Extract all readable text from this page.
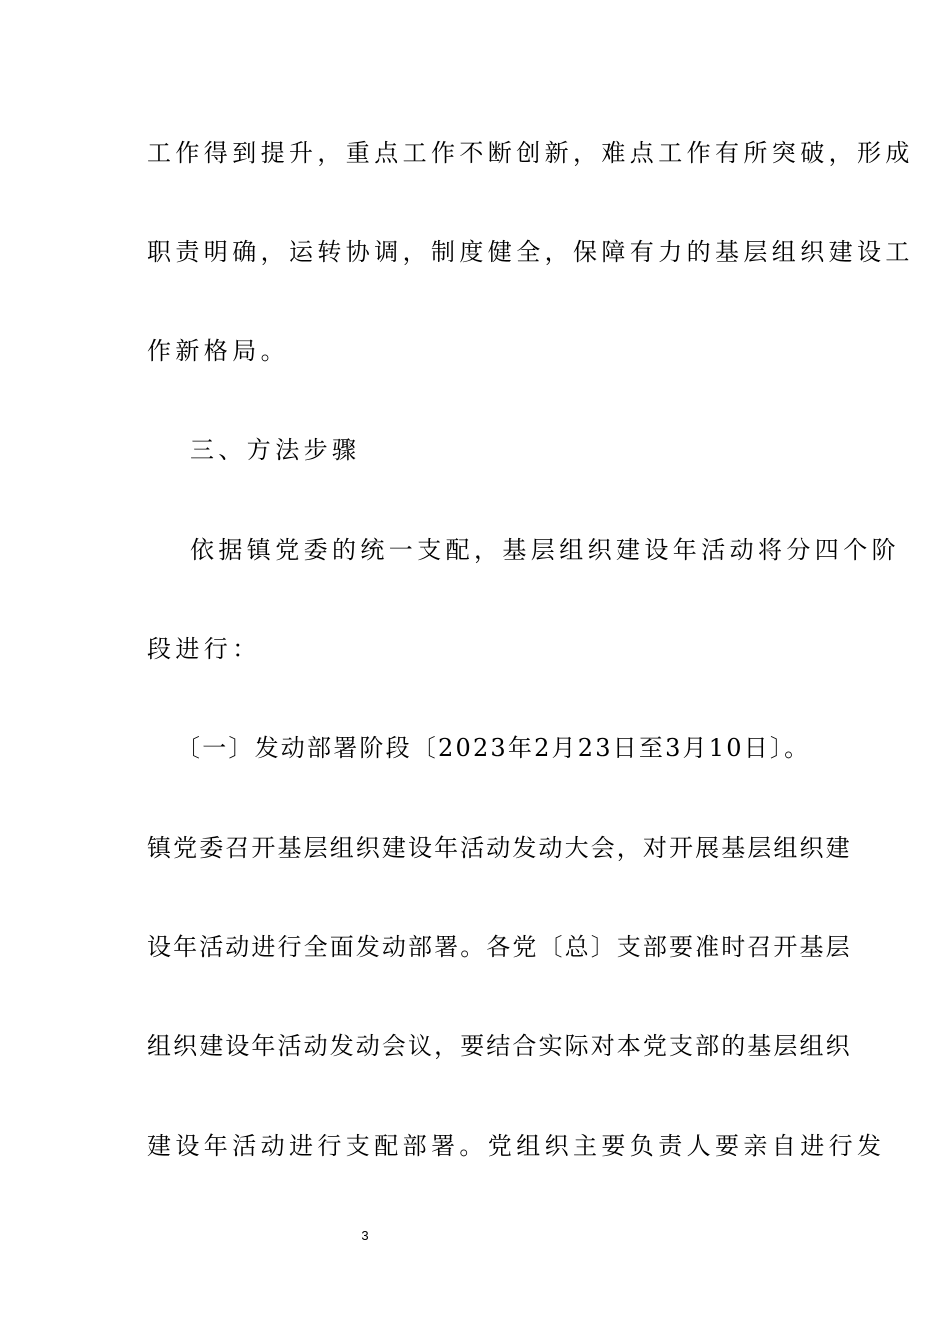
工作得到提升，重点工作不断创新，难点工作有所突破，形成
职责明确，运转协调，制度健全，保障有力的基层组织建设工
作新格局。
三、方法步骤
依据镇党委的统一支配，基层组织建设年活动将分四个阶
段进行：
〔一〕发动部署阶段〔2023年2月23日至3月10日〕。
镇党委召开基层组织建设年活动发动大会，对开展基层组织建
设年活动进行全面发动部署。各党〔总〕支部要准时召开基层
组织建设年活动发动会议，要结合实际对本党支部的基层组织
建设年活动进行支配部署。党组织主要负责人要亲自进行发
3
